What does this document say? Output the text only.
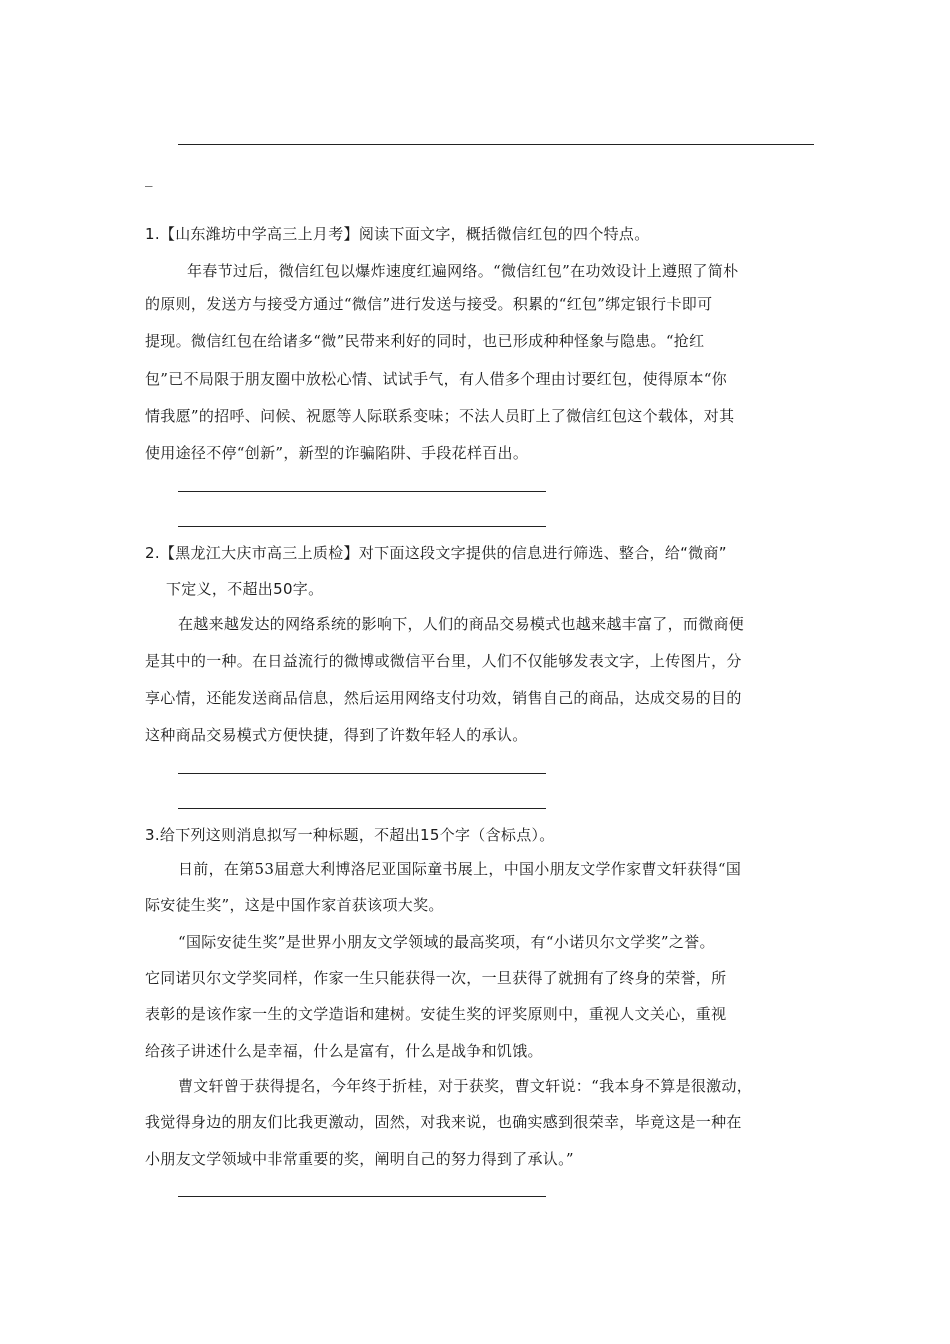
_
1.【山东潍坊中学高三上月考】阅读下面文字，概括微信红包的四个特点。
年春节过后，微信红包以爆炸速度红遍网络。“微信红包”在功效设计上遵照了简朴
的原则，发送方与接受方通过“微信”进行发送与接受。积累的“红包”绑定银行卡即可
提现。微信红包在给诸多“微”民带来利好的同时，也已形成种种怪象与隐患。“抢红
包”已不局限于朋友圈中放松心情、试试手气，有人借多个理由讨要红包，使得原本“你
情我愿”的招呼、问候、祝愿等人际联系变味；不法人员盯上了微信红包这个载体，对其
使用途径不停“创新”，新型的诈骗陷阱、手段花样百出。
2.【黑龙江大庆市高三上质检】对下面这段文字提供的信息进行筛选、整合，给“微商”
下定义，不超出50字。
在越来越发达的网络系统的影响下，人们的商品交易模式也越来越丰富了，而微商便
是其中的一种。在日益流行的微博或微信平台里，人们不仅能够发表文字，上传图片，分
享心情，还能发送商品信息，然后运用网络支付功效，销售自己的商品，达成交易的目的
这种商品交易模式方便快捷，得到了许数年轻人的承认。
3.给下列这则消息拟写一种标题，不超出15个字（含标点）。
日前，在第53届意大利博洛尼亚国际童书展上，中国小朋友文学作家曹文轩获得“国
际安徒生奖”，这是中国作家首获该项大奖。
“国际安徒生奖”是世界小朋友文学领域的最高奖项，有“小诺贝尔文学奖”之誉。
它同诺贝尔文学奖同样，作家一生只能获得一次，一旦获得了就拥有了终身的荣誉，所
表彰的是该作家一生的文学造诣和建树。安徒生奖的评奖原则中，重视人文关心，重视
给孩子讲述什么是幸福，什么是富有，什么是战争和饥饿。
曹文轩曾于获得提名，今年终于折桂，对于获奖，曹文轩说：“我本身不算是很激动，
我觉得身边的朋友们比我更激动，固然，对我来说，也确实感到很荣幸，毕竟这是一种在
小朋友文学领域中非常重要的奖，阐明自己的努力得到了承认。”
